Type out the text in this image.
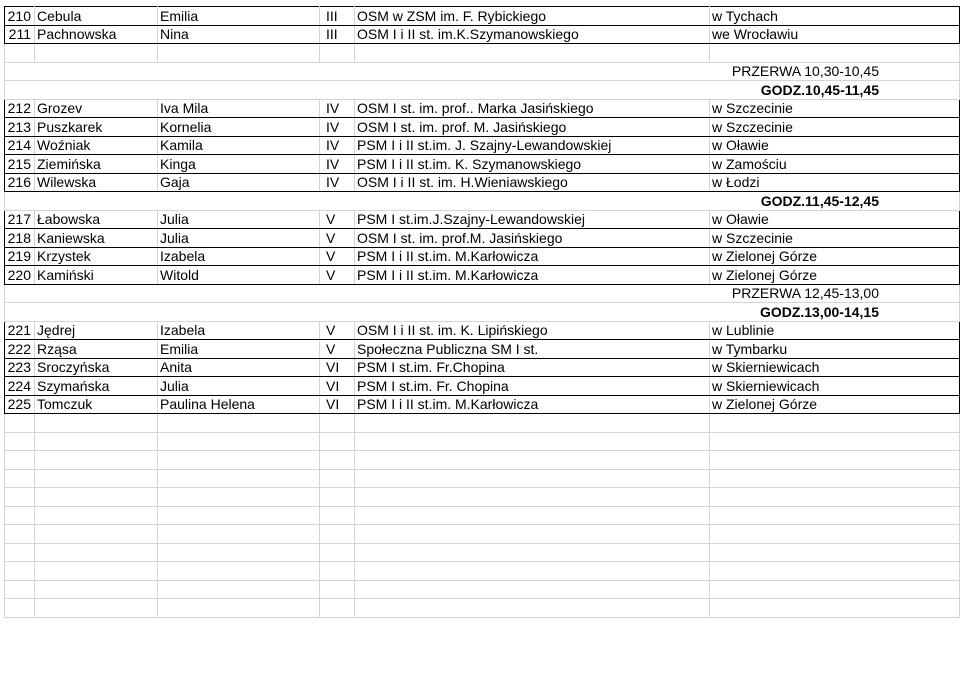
210	Cebula	Emilia	III	OSM w ZSM im. F. Rybickiego	w Tychach
211	Pachnowska	Nina	III	OSM I i II st. im.K.Szymanowskiego	we Wrocławiu

PRZERWA 10,30-10,45					
GODZ.10,45-11,45					
212	Grozev	Iva Mila	IV	OSM I st. im. prof.. Marka Jasińskiego	w Szczecinie
213	Puszkarek	Kornelia	IV	OSM I st. im. prof. M. Jasińskiego	w Szczecinie
214	Woźniak	Kamila	IV	PSM I i II st.im. J. Szajny-Lewandowskiej	w Oławie
215	Ziemińska	Kinga	IV	PSM I i II st.im. K. Szymanowskiego	w Zamościu
216	Wilewska	Gaja	IV	OSM I i II st. im. H.Wieniawskiego	w Łodzi
GODZ.11,45-12,45					
217	Łabowska	Julia	V	PSM I st.im.J.Szajny-Lewandowskiej	w Oławie
218	Kaniewska	Julia	V	OSM I st. im. prof.M. Jasińskiego	w Szczecinie
219	Krzystek	Izabela	V	PSM I i II st.im. M.Karłowicza	w Zielonej Górze
220	Kamiński	Witold	V	PSM I i II st.im. M.Karłowicza	w Zielonej Górze
PRZERWA 12,45-13,00					
GODZ.13,00-14,15					
221	Jędrej	Izabela	V	OSM I i II st. im. K. Lipińskiego	w Lublinie
222	Rząsa	Emilia	V	Społeczna Publiczna SM I st.	w Tymbarku
223	Sroczyńska	Anita	VI	PSM I st.im. Fr.Chopina	w Skierniewicach
224	Szymańska	Julia	VI	PSM I st.im. Fr. Chopina	w Skierniewicach
225	Tomczuk	Paulina Helena	VI	PSM I i II st.im. M.Karłowicza	w Zielonej Górze
